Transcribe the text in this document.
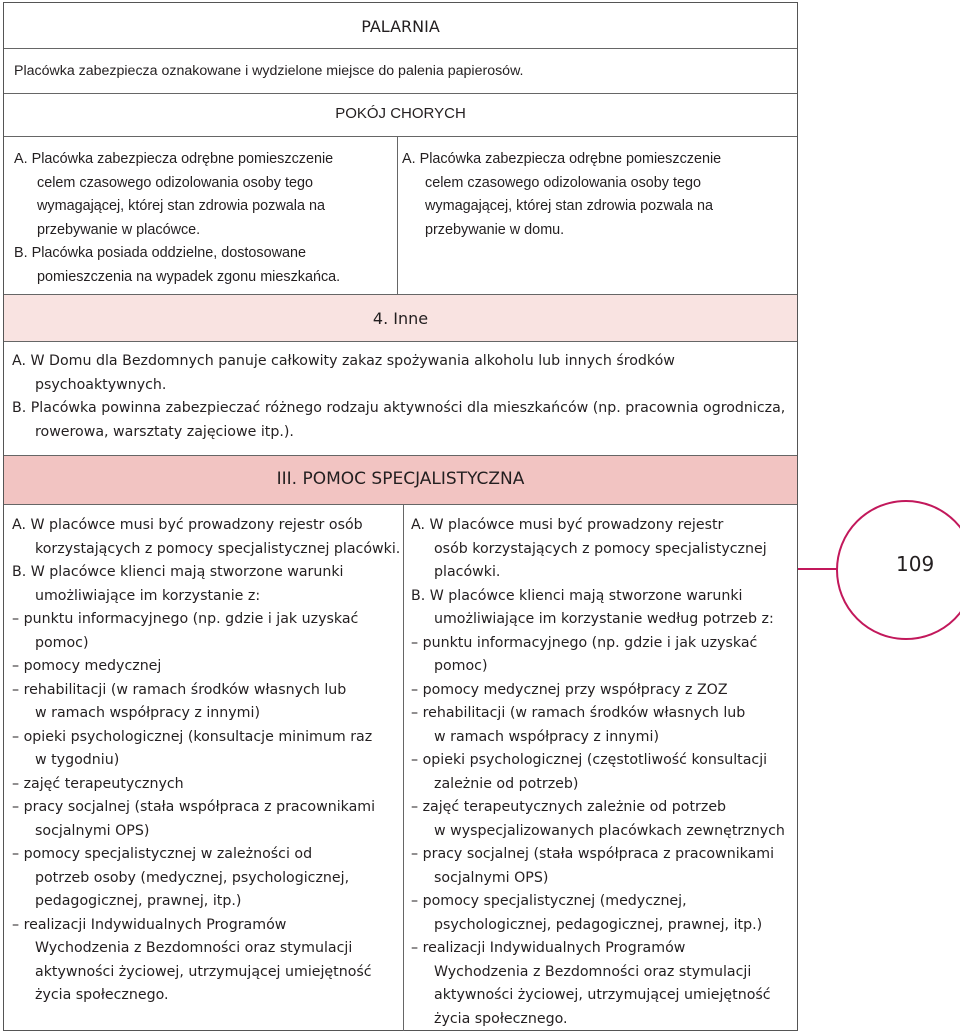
PALARNIA
Placówka zabezpiecza oznakowane i wydzielone miejsce do palenia papierosów.
POKÓJ CHORYCH
A. Placówka zabezpiecza odrębne pomieszczenie
celem czasowego odizolowania osoby tego
wymagającej, której stan zdrowia pozwala na
przebywanie w placówce.
B. Placówka posiada oddzielne, dostosowane
pomieszczenia na wypadek zgonu mieszkańca.
A. Placówka zabezpiecza odrębne pomieszczenie
celem czasowego odizolowania osoby tego
wymagającej, której stan zdrowia pozwala na
przebywanie w domu.
4. Inne
A. W Domu dla Bezdomnych panuje całkowity zakaz spożywania alkoholu lub innych środków
psychoaktywnych.
B. Placówka powinna zabezpieczać różnego rodzaju aktywności dla mieszkańców (np. pracownia ogrodnicza,
rowerowa, warsztaty zajęciowe itp.).
III. POMOC SPECJALISTYCZNA
A. W placówce musi być prowadzony rejestr osób
korzystających z pomocy specjalistycznej placówki.
B. W placówce klienci mają stworzone warunki
umożliwiające im korzystanie z:
– punktu informacyjnego (np. gdzie i jak uzyskać
pomoc)
– pomocy medycznej
– rehabilitacji (w ramach środków własnych lub
w ramach współpracy z innymi)
– opieki psychologicznej (konsultacje minimum raz
w tygodniu)
– zajęć terapeutycznych
– pracy socjalnej (stała współpraca z pracownikami
socjalnymi OPS)
– pomocy specjalistycznej w zależności od
potrzeb osoby (medycznej, psychologicznej,
pedagogicznej, prawnej, itp.)
– realizacji Indywidualnych Programów
Wychodzenia z Bezdomności oraz stymulacji
aktywności życiowej, utrzymującej umiejętność
życia społecznego.
A. W placówce musi być prowadzony rejestr
osób korzystających z pomocy specjalistycznej
placówki.
B. W placówce klienci mają stworzone warunki
umożliwiające im korzystanie według potrzeb z:
– punktu informacyjnego (np. gdzie i jak uzyskać
pomoc)
– pomocy medycznej przy współpracy z ZOZ
– rehabilitacji (w ramach środków własnych lub
w ramach współpracy z innymi)
– opieki psychologicznej (częstotliwość konsultacji
zależnie od potrzeb)
– zajęć terapeutycznych zależnie od potrzeb
w wyspecjalizowanych placówkach zewnętrznych
– pracy socjalnej (stała współpraca z pracownikami
socjalnymi OPS)
– pomocy specjalistycznej (medycznej,
psychologicznej, pedagogicznej, prawnej, itp.)
– realizacji Indywidualnych Programów
Wychodzenia z Bezdomności oraz stymulacji
aktywności życiowej, utrzymującej umiejętność
życia społecznego.
109
